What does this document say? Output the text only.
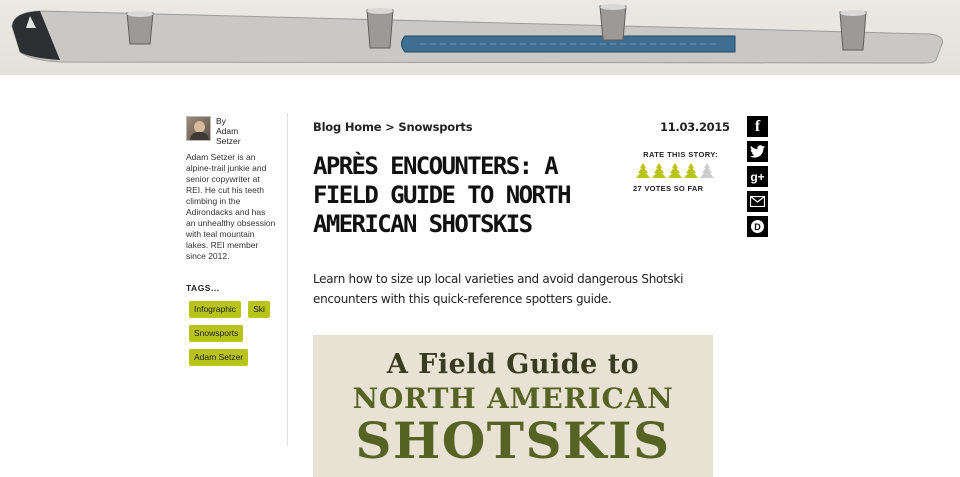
By
Adam Setzer
Adam Setzer is an alpine-trail junkie and senior copywriter at REI. He cut his teeth climbing in the Adirondacks and has an unhealthy obsession with teal mountain lakes. REI member since 2012.
TAGS...
Infographic	Ski
Snowsports
Adam Setzer
Blog Home > Snowsports	11.03.2015
APRÈS ENCOUNTERS: A FIELD GUIDE TO NORTH AMERICAN SHOTSKIS
RATE THIS STORY:
27 VOTES SO FAR

Learn how to size up local varieties and avoid dangerous Shotski encounters with this quick-reference spotters guide.

A Field Guide to
NORTH AMERICAN
SHOTSKIS
f
g+
D
